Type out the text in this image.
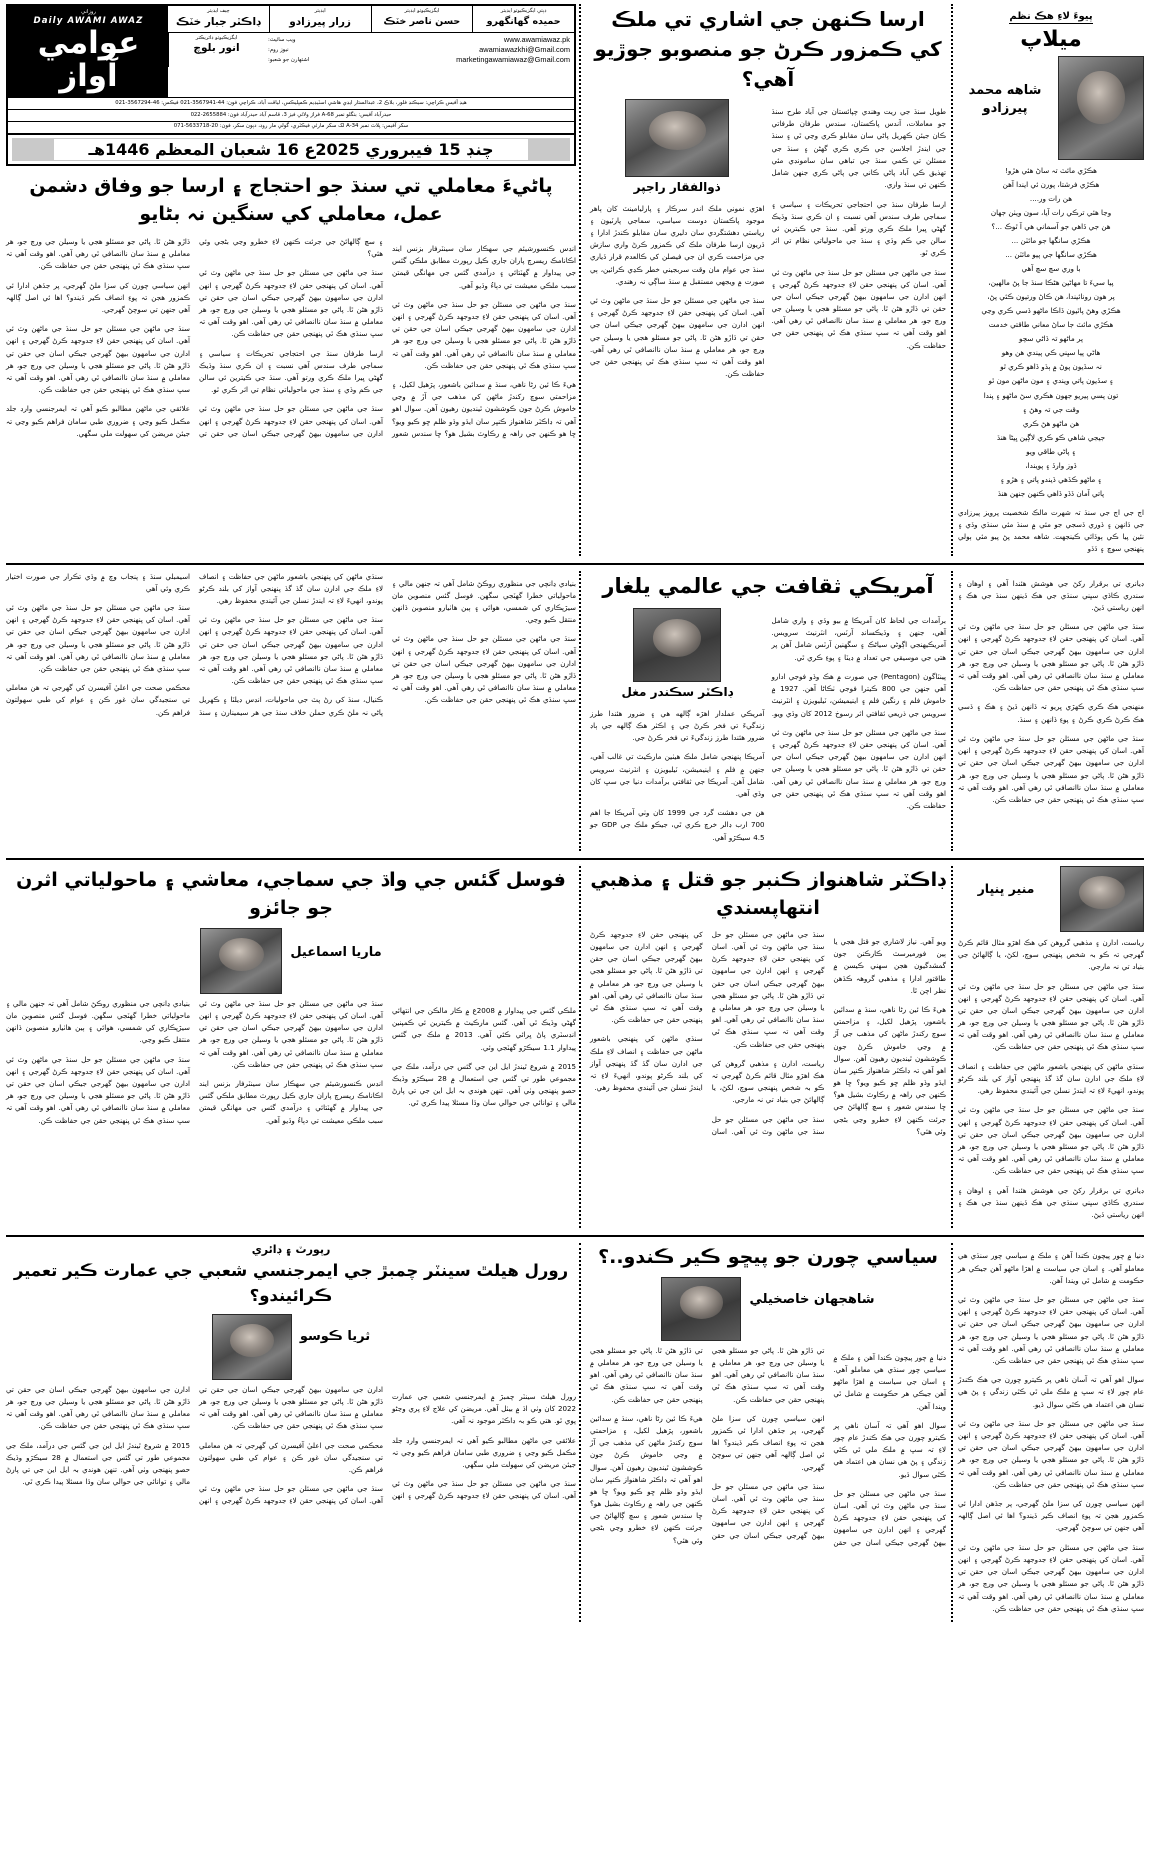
پيوءَ لاءِ هڪ نظم
ميلاپ
شاهه محمد پيرزادو
هڪڙي مائٽ تہ ساڻ هئي هڙو!
هڪڙي فرشتا، پورن ئي ايندا آهن
هن رات ور....
وڃا هئي ترڪي رات آيا، سون ويٺن جهان
هن جي ڏاهي جو آسماني هي آ ٿوڪ ...؟
هڪڙي سانگها جو مائٽن ...
هڪڙي سانگها جي پيو مائٽن ...
با وري سچ سچ آهي
پيا سيءَ تا مهاڻين هڻڪا سنڌ جا پڻ مالهين،
پر هون رونائيندا، هن ڪاڻ ورتيون ڪئي پڻ،
هڪڙي وهڻ پاٿيون ڏاڪا ماڻهو ڏسي ڪري وڃي
هڪڙي مائٽ جا ساڻ معاني طاقتي خدمت
پر ماڻهو تہ ڏاڻي سچو
هاڻي پيا سڀني ڪي پيندي هن وهو
نہ سڏيون پوڻ ۾ ٻڌو ڏاهو ڪري ٿو
۽ سڏيون پاتي ويندي ۽ مون ماڻهن مون ٿو
تون پسي پيريو جهون هڪري سڻ ماڻهو ۽ پندا
وقت جي تہ وهڻ ۽
هن ماڻهو هڻ ڪري
جيجي شاهي ڪو ڪري لاڳين ڀيڻا هنڌ
۽ پاڻي طاقي ويو
ڏوز وارڏ ۽ پويندا،
۽ ماڻهو ڪڏهي ڏيندو پاتي ۽ هڙو ۽
پاتي آمان ڏڏو ڏاهي ڪنهن جنهن هنڌ

اڄ جي اڄ جي سنڌ تہ شهرت مالڪ شخصيت پرويز پيرزادي جي ڏانهن ۽ ڏوري ڏسجي جو مئي ۾ سنڌ مئي سنڌي وڏي ۽ نئين پيا ڪي ٻوڏائي ڪينجهت. شاهه محمد پڻ پيو مئي ٻولي پنهنجي سوچ ۽ ڏڏو

ارسا ڪنهن جي اشاري تي ملڪ کي ڪمزور ڪرڻ جو منصوبو جوڙيو آهي؟

طويل سنڌ جي ريت وهندي چپائستان جي آباد طرح سنڌ جو معاملات، آندس پاڪستان، سندس طرفان طرفاتي ڪان جيئن ڪهريل پاڻي سان مقابلو ڪري وڃي ٿي ۽ سنڌ جي ايندڙ اجلاسن جي ڪري ڪري گهڻن ۽ سنڌ جي مسئلن تي ڪمي سنڌ جي تباهي سان سامونڊي مئي تهذيق ڪي آباد پاڻي ڪاني جي پاڻي ڪري جنهن شامل ڪنهن تي سنڌ واري.

ارسا طرفان سنڌ جي احتجاجي تحريڪات ۽ سياسي ۽ سماجي طرف سندس آهي نسبت ۽ ان ڪري سنڌ وڌيڪ گهڻي ڀيرا ملڪ ڪري ورتو آهي. سنڌ جي ڪيترين ئي سالن جي ڪم وڌي ۽ سنڌ جي ماحولياتي نظام تي اثر ڪري ٿو.

سنڌ جي ماڻهن جي مسئلن جو حل سنڌ جي ماڻهن وٽ ئي آهي. اسان کي پنهنجي حقن لاءِ جدوجهد ڪرڻ گهرجي ۽ انهن ادارن جي سامهون بيهڻ گهرجي جيڪي اسان جي حقن تي ڌاڙو هڻن ٿا. پاڻي جو مسئلو هجي يا وسيلن جي ورڇ جو، هر معاملي ۾ سنڌ سان ناانصافي ٿي رهي آهي. اهو وقت آهي تہ سڀ سنڌي هڪ ٿي پنهنجي حقن جي حفاظت ڪن.

ذوالفقار راجپر

اهڙي نموني ملڪ اندر سرڪار ۽ پارليامينٽ کان ٻاهر موجود پاڪستان دوست سياسي، سماجي پارٽيون ۽ رياستي دهشتگردي سان دليري سان مقابلو ڪندڙ ادارا ۽ ڏريون ارسا طرفان ملڪ کي ڪمزور ڪرڻ واري سازش جي مزاحمت ڪري ان جي فيصلن کي ڪالعدم قرار ڏياري سنڌ جي عوام مان وقت سربجيني خطر ڪڍي ڪرائين، ٻي صورت ۾ ويجهي مستقبل ۾ سنڌ ساڳي نہ رهندي.

سنڌ جي ماڻهن جي مسئلن جو حل سنڌ جي ماڻهن وٽ ئي آهي. اسان کي پنهنجي حقن لاءِ جدوجهد ڪرڻ گهرجي ۽ انهن ادارن جي سامهون بيهڻ گهرجي جيڪي اسان جي حقن تي ڌاڙو هڻن ٿا. پاڻي جو مسئلو هجي يا وسيلن جي ورڇ جو، هر معاملي ۾ سنڌ سان ناانصافي ٿي رهي آهي. اهو وقت آهي تہ سڀ سنڌي هڪ ٿي پنهنجي حقن جي حفاظت ڪن.

ڊپٽي ايگزيڪيوٽو ايڊيٽر
حميده گهانگهرو
ايگزيڪيوٽو ايڊيٽر
حسن ناصر خٽڪ
ايڊيٽر
زرار پيرزادو
چيف ايڊيٽر
ڊاڪٽر جبار خٽڪ
www.awamiawaz.pk
awamiawazkhi@Gmail.com
marketingawamiawaz@Gmail.com
ويب سائيٽ:
نيوز روم:
اشتهارن جو شعبو:
ايگزيڪيوٽو ڊائريڪٽر
انور بلوچ
روزاني
Daily AWAMI AWAZ
عوامي آواز
هيڊ آفيس ڪراچي: سيڪنڊ فلور، بلاڪ 2، عبدالستار ايڊي هاشي اسٽيڊيم ڪمپليڪس، لياقت آباد، ڪراچي فون: 44-3567941-021 فيڪس: 46-3567294-021
حيدرآباد آفيس: بنگلو نمبر 68-A فراز ولائي فيز 3، قاسم آباد حيدرآباد فون: 2655884-022
سکر آفيس: پلاٽ نمبر 34-A لک سکر مارئي فيڪٽري، گولي مار روڊ، دٻون سکر، فون: 20-5633718-071
چنڊ 15 فيبروري 2025ع 16 شعبان المعظم 1446هـ
پاڻيءَ معاملي تي سنڌ جو احتجاج ۽ ارسا جو وفاق دشمن عمل، معاملي کي سنگين نہ بڻايو

انڊس ڪنسورشيئم جي سهڪار سان سينٽرفار بزنس ايند اڪانامڪ ريسرچ پاران جاري ڪيل رپورٽ مطابق ملڪي گئس جي پيداوار ۾ گهٽتائي ۽ درآمدي گئس جي مهانگي قيمتن سبب ملڪي معيشت تي دٻاءُ وڌيو آهي.

سنڌ جي ماڻهن جي مسئلن جو حل سنڌ جي ماڻهن وٽ ئي آهي. اسان کي پنهنجي حقن لاءِ جدوجهد ڪرڻ گهرجي ۽ انهن ادارن جي سامهون بيهڻ گهرجي جيڪي اسان جي حقن تي ڌاڙو هڻن ٿا. پاڻي جو مسئلو هجي يا وسيلن جي ورڇ جو، هر معاملي ۾ سنڌ سان ناانصافي ٿي رهي آهي. اهو وقت آهي تہ سڀ سنڌي هڪ ٿي پنهنجي حقن جي حفاظت ڪن.

هيءَ ڪا ئين رڻا ناهي، سنڌ ۾ سدائين باشعور، پڙهيل لکيل، ۽ مزاحمتي سوچ رکندڙ ماڻهن کي مذهب جي آڙ ۾ وڃي خاموش ڪرڻ جون ڪوششون ٿينديون رهيون آهن. سوال اهو آهي تہ ڊاڪٽر شاهنواز ڪنڀر سان ايڏو وڏو ظلم ڇو ڪيو ويو؟ ڇا هو ڪنهن جي راهہ ۾ رڪاوٽ بشيل هو؟ ڇا سندس شعور ۽ سچ ڳالهائڻ جي جرئت ڪنهن لاءِ خطرو وڃي بڻجي وئي هئي؟

سنڌ جي ماڻهن جي مسئلن جو حل سنڌ جي ماڻهن وٽ ئي آهي. اسان کي پنهنجي حقن لاءِ جدوجهد ڪرڻ گهرجي ۽ انهن ادارن جي سامهون بيهڻ گهرجي جيڪي اسان جي حقن تي ڌاڙو هڻن ٿا. پاڻي جو مسئلو هجي يا وسيلن جي ورڇ جو، هر معاملي ۾ سنڌ سان ناانصافي ٿي رهي آهي. اهو وقت آهي تہ سڀ سنڌي هڪ ٿي پنهنجي حقن جي حفاظت ڪن.

ارسا طرفان سنڌ جي احتجاجي تحريڪات ۽ سياسي ۽ سماجي طرف سندس آهي نسبت ۽ ان ڪري سنڌ وڌيڪ گهڻي ڀيرا ملڪ ڪري ورتو آهي. سنڌ جي ڪيترين ئي سالن جي ڪم وڌي ۽ سنڌ جي ماحولياتي نظام تي اثر ڪري ٿو.

سنڌ جي ماڻهن جي مسئلن جو حل سنڌ جي ماڻهن وٽ ئي آهي. اسان کي پنهنجي حقن لاءِ جدوجهد ڪرڻ گهرجي ۽ انهن ادارن جي سامهون بيهڻ گهرجي جيڪي اسان جي حقن تي ڌاڙو هڻن ٿا. پاڻي جو مسئلو هجي يا وسيلن جي ورڇ جو، هر معاملي ۾ سنڌ سان ناانصافي ٿي رهي آهي. اهو وقت آهي تہ سڀ سنڌي هڪ ٿي پنهنجي حقن جي حفاظت ڪن.

انهن سياسي چورن کي سزا ملڻ گهرجي، پر جڏهن ادارا ئي ڪمزور هجن تہ پوءِ انصاف ڪير ڏيندو؟ اها ئي اصل ڳالهہ آهي جنهن تي سوچڻ گهرجي.

سنڌ جي ماڻهن جي مسئلن جو حل سنڌ جي ماڻهن وٽ ئي آهي. اسان کي پنهنجي حقن لاءِ جدوجهد ڪرڻ گهرجي ۽ انهن ادارن جي سامهون بيهڻ گهرجي جيڪي اسان جي حقن تي ڌاڙو هڻن ٿا. پاڻي جو مسئلو هجي يا وسيلن جي ورڇ جو، هر معاملي ۾ سنڌ سان ناانصافي ٿي رهي آهي. اهو وقت آهي تہ سڀ سنڌي هڪ ٿي پنهنجي حقن جي حفاظت ڪن.

علائقي جي ماڻهن مطالبو ڪيو آهي تہ ايمرجنسي وارڊ جلد مڪمل ڪيو وڃي ۽ ضروري طبي سامان فراهم ڪيو وڃي تہ جيئن مريضن کي سهولت ملي سگهي.

ڊيانري تي برقرار رکڻ جي هوشش هئندا آهي ۽ اوهان ۽ سندري ڪاڏي سڀني سنڌي جي هڪ ڏينهن سنڌ جي هڪ ۽ انهن رياستي ڏيڻ.

سنڌ جي ماڻهن جي مسئلن جو حل سنڌ جي ماڻهن وٽ ئي آهي. اسان کي پنهنجي حقن لاءِ جدوجهد ڪرڻ گهرجي ۽ انهن ادارن جي سامهون بيهڻ گهرجي جيڪي اسان جي حقن تي ڌاڙو هڻن ٿا. پاڻي جو مسئلو هجي يا وسيلن جي ورڇ جو، هر معاملي ۾ سنڌ سان ناانصافي ٿي رهي آهي. اهو وقت آهي تہ سڀ سنڌي هڪ ٿي پنهنجي حقن جي حفاظت ڪن.

منهنجي هڪ ڪري ڪهڙي ڀريو تہ ڏانهن ڏيڻ ۽ هڪ ۽ ڏسي هڪ ڪرڻ ڪري ڪرڻ ۽ پوءِ ڏانهن ۽ سنڌ.

سنڌ جي ماڻهن جي مسئلن جو حل سنڌ جي ماڻهن وٽ ئي آهي. اسان کي پنهنجي حقن لاءِ جدوجهد ڪرڻ گهرجي ۽ انهن ادارن جي سامهون بيهڻ گهرجي جيڪي اسان جي حقن تي ڌاڙو هڻن ٿا. پاڻي جو مسئلو هجي يا وسيلن جي ورڇ جو، هر معاملي ۾ سنڌ سان ناانصافي ٿي رهي آهي. اهو وقت آهي تہ سڀ سنڌي هڪ ٿي پنهنجي حقن جي حفاظت ڪن.

آمريڪي ثقافت جي عالمي يلغار

برآمدات جي لحاظ کان آمريڪا ۾ بيو وڏي ۽ واري شامل آهي، جنهن ۽ وڌيڪسانڊ آرٽس، انٽرنيٽ سرويس. آمريڪيهنجي اڳوڻي سياڻڪ ۽ سگهنين آرٽس شامل آهن پر هتي جي موسيقي جي تعداد ۾ ڊيٽا ۽ پوءِ ڪري ٿي.

پينٽاگون (Pentagon) جي صورت ۾ هڪ وڏو فوجي ادارو آهي جنهن جي 800 ڪيترا فوجي ٺڪاڻا آهن. 1927 ۾ خاموش فلم ۽ رنگين فلم ۽ اينيميشن، ٽيليويزن ۽ انٽرنيٽ سرويس جي ذريعي ثقافتي اثر رسوخ 2012 کان وڌي ويو.

سنڌ جي ماڻهن جي مسئلن جو حل سنڌ جي ماڻهن وٽ ئي آهي. اسان کي پنهنجي حقن لاءِ جدوجهد ڪرڻ گهرجي ۽ انهن ادارن جي سامهون بيهڻ گهرجي جيڪي اسان جي حقن تي ڌاڙو هڻن ٿا. پاڻي جو مسئلو هجي يا وسيلن جي ورڇ جو، هر معاملي ۾ سنڌ سان ناانصافي ٿي رهي آهي. اهو وقت آهي تہ سڀ سنڌي هڪ ٿي پنهنجي حقن جي حفاظت ڪن.

ڊاڪٽر سڪندر مغل

آمريڪي عملدار اهڙه ڳالهه هي ۽ ضرور هئندا طرز زندگيءَ تي فخر ڪرڻ جي ۽ اڪثر هڪ ڳالهه جي ٻاڊ ضرور هئندا طرز زندگيءَ تي فخر ڪرڻ جي.

آمريڪا پنهنجي شامل ملڪ هيٺين مارڪيٽ تي غالب آهي، جنهن ۾ فلم ۽ اينيميشن، ٽيليويزن ۽ انٽرنيٽ سرويس شامل آهن. آمريڪا جي ثقافتي برآمدات دنيا جي سڀ کان وڏي آهي.

هن جي دهشت گرد جي 1999 کان وٺي آمريڪا جا اهم 700 ارب ڊالر خرچ ڪري ٿي، جيڪو ملڪ جي GDP جو 4.5 سيڪڙو آهي.

بنيادي ڍانچي جي منظوري روڪڻ شامل آهي تہ جنهن مالي ۽ ماحولياتي خطرا گهٽجي سگهن. فوسل گئس منصوبن مان سيڙپڪاري کي شمسي، هوائي ۽ ٻين هاٺيارو منصوبن ڏانهن منتقل ڪيو وڃي.

سنڌ جي ماڻهن جي مسئلن جو حل سنڌ جي ماڻهن وٽ ئي آهي. اسان کي پنهنجي حقن لاءِ جدوجهد ڪرڻ گهرجي ۽ انهن ادارن جي سامهون بيهڻ گهرجي جيڪي اسان جي حقن تي ڌاڙو هڻن ٿا. پاڻي جو مسئلو هجي يا وسيلن جي ورڇ جو، هر معاملي ۾ سنڌ سان ناانصافي ٿي رهي آهي. اهو وقت آهي تہ سڀ سنڌي هڪ ٿي پنهنجي حقن جي حفاظت ڪن.

سنڌي ماڻهن کي پنهنجي باشعور ماڻهن جي حفاظت ۽ انصاف لاءِ ملڪ جي ادارن سان گڏ گڏ پنهنجي آواز کي بلند ڪرڻو پوندو، انهيءَ لاءِ تہ ايندڙ نسلن جي آئيندي محفوظ رهي.

سنڌ جي ماڻهن جي مسئلن جو حل سنڌ جي ماڻهن وٽ ئي آهي. اسان کي پنهنجي حقن لاءِ جدوجهد ڪرڻ گهرجي ۽ انهن ادارن جي سامهون بيهڻ گهرجي جيڪي اسان جي حقن تي ڌاڙو هڻن ٿا. پاڻي جو مسئلو هجي يا وسيلن جي ورڇ جو، هر معاملي ۾ سنڌ سان ناانصافي ٿي رهي آهي. اهو وقت آهي تہ سڀ سنڌي هڪ ٿي پنهنجي حقن جي حفاظت ڪن.

ڪنيال، سنڌ کي رڻ پٽ جي ماحوليات، انڊس ڊيلٽا ۽ ڪهريل پاڻي نہ ملڻ ڪري حملن خلاف سنڌ جي هر سيمينارن ۽ سنڌ اسيمبلي سنڌ ۽ پنجاب وچ ۾ وڏي تڪرار جي صورت اختيار ڪري وئي آهي

سنڌ جي ماڻهن جي مسئلن جو حل سنڌ جي ماڻهن وٽ ئي آهي. اسان کي پنهنجي حقن لاءِ جدوجهد ڪرڻ گهرجي ۽ انهن ادارن جي سامهون بيهڻ گهرجي جيڪي اسان جي حقن تي ڌاڙو هڻن ٿا. پاڻي جو مسئلو هجي يا وسيلن جي ورڇ جو، هر معاملي ۾ سنڌ سان ناانصافي ٿي رهي آهي. اهو وقت آهي تہ سڀ سنڌي هڪ ٿي پنهنجي حقن جي حفاظت ڪن.

محڪمي صحت جي اعليٰ آفيسرن کي گهرجي تہ هن معاملي تي سنجيدگي سان غور ڪن ۽ عوام کي طبي سهولتون فراهم ڪن.

منير ڀنڀار

رياست، ادارن ۽ مذهبي گروهن کي هڪ اهڙو مثال قائم ڪرڻ گهرجي تہ ڪو بہ شخص پنهنجي سوچ، لکڻ، يا ڳالهائڻ جي بنياد تي نہ مارجي.

سنڌ جي ماڻهن جي مسئلن جو حل سنڌ جي ماڻهن وٽ ئي آهي. اسان کي پنهنجي حقن لاءِ جدوجهد ڪرڻ گهرجي ۽ انهن ادارن جي سامهون بيهڻ گهرجي جيڪي اسان جي حقن تي ڌاڙو هڻن ٿا. پاڻي جو مسئلو هجي يا وسيلن جي ورڇ جو، هر معاملي ۾ سنڌ سان ناانصافي ٿي رهي آهي. اهو وقت آهي تہ سڀ سنڌي هڪ ٿي پنهنجي حقن جي حفاظت ڪن.

سنڌي ماڻهن کي پنهنجي باشعور ماڻهن جي حفاظت ۽ انصاف لاءِ ملڪ جي ادارن سان گڏ گڏ پنهنجي آواز کي بلند ڪرڻو پوندو، انهيءَ لاءِ تہ ايندڙ نسلن جي آئيندي محفوظ رهي.

سنڌ جي ماڻهن جي مسئلن جو حل سنڌ جي ماڻهن وٽ ئي آهي. اسان کي پنهنجي حقن لاءِ جدوجهد ڪرڻ گهرجي ۽ انهن ادارن جي سامهون بيهڻ گهرجي جيڪي اسان جي حقن تي ڌاڙو هڻن ٿا. پاڻي جو مسئلو هجي يا وسيلن جي ورڇ جو، هر معاملي ۾ سنڌ سان ناانصافي ٿي رهي آهي. اهو وقت آهي تہ سڀ سنڌي هڪ ٿي پنهنجي حقن جي حفاظت ڪن.

ڊيانري تي برقرار رکڻ جي هوشش هئندا آهي ۽ اوهان ۽ سندري ڪاڏي سڀني سنڌي جي هڪ ڏينهن سنڌ جي هڪ ۽ انهن رياستي ڏيڻ.

ڊاڪٽر شاهنواز ڪنبر جو قتل ۽ مذهبي انتهاپسندي

ويو آهي. نياز لاشاري جو قتل هجي يا ٻين فورميرسٽ ڪارڪنن جون گمشدگيون هجن سهني ڪيسن ۾ طاقتور ادارا ۽ مذهبي گروهہ ڪڏهن نظر اچن ٿا.

هيءَ ڪا ئين رڻا ناهي، سنڌ ۾ سدائين باشعور، پڙهيل لکيل، ۽ مزاحمتي سوچ رکندڙ ماڻهن کي مذهب جي آڙ ۾ وڃي خاموش ڪرڻ جون ڪوششون ٿينديون رهيون آهن. سوال اهو آهي تہ ڊاڪٽر شاهنواز ڪنڀر سان ايڏو وڏو ظلم ڇو ڪيو ويو؟ ڇا هو ڪنهن جي راهہ ۾ رڪاوٽ بشيل هو؟ ڇا سندس شعور ۽ سچ ڳالهائڻ جي جرئت ڪنهن لاءِ خطرو وڃي بڻجي وئي هئي؟

سنڌ جي ماڻهن جي مسئلن جو حل سنڌ جي ماڻهن وٽ ئي آهي. اسان کي پنهنجي حقن لاءِ جدوجهد ڪرڻ گهرجي ۽ انهن ادارن جي سامهون بيهڻ گهرجي جيڪي اسان جي حقن تي ڌاڙو هڻن ٿا. پاڻي جو مسئلو هجي يا وسيلن جي ورڇ جو، هر معاملي ۾ سنڌ سان ناانصافي ٿي رهي آهي. اهو وقت آهي تہ سڀ سنڌي هڪ ٿي پنهنجي حقن جي حفاظت ڪن.

رياست، ادارن ۽ مذهبي گروهن کي هڪ اهڙو مثال قائم ڪرڻ گهرجي تہ ڪو بہ شخص پنهنجي سوچ، لکڻ، يا ڳالهائڻ جي بنياد تي نہ مارجي.

سنڌ جي ماڻهن جي مسئلن جو حل سنڌ جي ماڻهن وٽ ئي آهي. اسان کي پنهنجي حقن لاءِ جدوجهد ڪرڻ گهرجي ۽ انهن ادارن جي سامهون بيهڻ گهرجي جيڪي اسان جي حقن تي ڌاڙو هڻن ٿا. پاڻي جو مسئلو هجي يا وسيلن جي ورڇ جو، هر معاملي ۾ سنڌ سان ناانصافي ٿي رهي آهي. اهو وقت آهي تہ سڀ سنڌي هڪ ٿي پنهنجي حقن جي حفاظت ڪن.

سنڌي ماڻهن کي پنهنجي باشعور ماڻهن جي حفاظت ۽ انصاف لاءِ ملڪ جي ادارن سان گڏ گڏ پنهنجي آواز کي بلند ڪرڻو پوندو، انهيءَ لاءِ تہ ايندڙ نسلن جي آئيندي محفوظ رهي.

فوسل گئس جي واڌ جي سماجي، معاشي ۽ ماحولياتي اثرن جو جائزو
ماريا اسماعيل

ملڪي گئس جي پيداوار ۾ 2008ع ۾ ڪار مالڪن جي انتهائي گهڻي وڌيڪ ٿي آهي. گئس مارڪيٽ ۾ ڪيترين ئي ڪمپنين انڊسٽري پاڻ ڀرائي ڪئي آهي. 2013 ۾ ملڪ جي گئس پيداوار 1.1 سيڪڙو گهٽجي وئي.

2015 ۾ شروع ٿيندڙ ايل اين جي گئس جي درآمد، ملڪ جي مجموعي طور تي گئس جي استعمال ۾ 28 سيڪڙو وڌيڪ حصو پنهنجي وٺي آهي. تنهن هوندي بہ ايل اين جي تي پارڻ مالي ۽ توانائي جي حوالي سان وڏا مسئلا پيدا ڪري ٿي.

سنڌ جي ماڻهن جي مسئلن جو حل سنڌ جي ماڻهن وٽ ئي آهي. اسان کي پنهنجي حقن لاءِ جدوجهد ڪرڻ گهرجي ۽ انهن ادارن جي سامهون بيهڻ گهرجي جيڪي اسان جي حقن تي ڌاڙو هڻن ٿا. پاڻي جو مسئلو هجي يا وسيلن جي ورڇ جو، هر معاملي ۾ سنڌ سان ناانصافي ٿي رهي آهي. اهو وقت آهي تہ سڀ سنڌي هڪ ٿي پنهنجي حقن جي حفاظت ڪن.

انڊس ڪنسورشيئم جي سهڪار سان سينٽرفار بزنس ايند اڪانامڪ ريسرچ پاران جاري ڪيل رپورٽ مطابق ملڪي گئس جي پيداوار ۾ گهٽتائي ۽ درآمدي گئس جي مهانگي قيمتن سبب ملڪي معيشت تي دٻاءُ وڌيو آهي.

بنيادي ڍانچي جي منظوري روڪڻ شامل آهي تہ جنهن مالي ۽ ماحولياتي خطرا گهٽجي سگهن. فوسل گئس منصوبن مان سيڙپڪاري کي شمسي، هوائي ۽ ٻين هاٺيارو منصوبن ڏانهن منتقل ڪيو وڃي.

سنڌ جي ماڻهن جي مسئلن جو حل سنڌ جي ماڻهن وٽ ئي آهي. اسان کي پنهنجي حقن لاءِ جدوجهد ڪرڻ گهرجي ۽ انهن ادارن جي سامهون بيهڻ گهرجي جيڪي اسان جي حقن تي ڌاڙو هڻن ٿا. پاڻي جو مسئلو هجي يا وسيلن جي ورڇ جو، هر معاملي ۾ سنڌ سان ناانصافي ٿي رهي آهي. اهو وقت آهي تہ سڀ سنڌي هڪ ٿي پنهنجي حقن جي حفاظت ڪن.

دنيا ۾ چور پيچون ڪندا آهن ۽ ملڪ ۾ سياسي چور سنڌي هي معاملو آهي. ۽ اسان جي سياست ۾ اهڙا ماڻهو آهن جيڪي هر حڪومت ۾ شامل ٿي ويندا آهن.

سنڌ جي ماڻهن جي مسئلن جو حل سنڌ جي ماڻهن وٽ ئي آهي. اسان کي پنهنجي حقن لاءِ جدوجهد ڪرڻ گهرجي ۽ انهن ادارن جي سامهون بيهڻ گهرجي جيڪي اسان جي حقن تي ڌاڙو هڻن ٿا. پاڻي جو مسئلو هجي يا وسيلن جي ورڇ جو، هر معاملي ۾ سنڌ سان ناانصافي ٿي رهي آهي. اهو وقت آهي تہ سڀ سنڌي هڪ ٿي پنهنجي حقن جي حفاظت ڪن.

سوال اهو آهي تہ آسان ناهي پر ڪيترو چورن جي هڪ ڪندڙ عام چور لاءِ تہ سڀ ۾ ملڪ ملي ٿي ڪٿي زندگي ۽ پڻ هي نسان هي اعتماد هي ڪٿي سوال ڏيو.

سنڌ جي ماڻهن جي مسئلن جو حل سنڌ جي ماڻهن وٽ ئي آهي. اسان کي پنهنجي حقن لاءِ جدوجهد ڪرڻ گهرجي ۽ انهن ادارن جي سامهون بيهڻ گهرجي جيڪي اسان جي حقن تي ڌاڙو هڻن ٿا. پاڻي جو مسئلو هجي يا وسيلن جي ورڇ جو، هر معاملي ۾ سنڌ سان ناانصافي ٿي رهي آهي. اهو وقت آهي تہ سڀ سنڌي هڪ ٿي پنهنجي حقن جي حفاظت ڪن.

انهن سياسي چورن کي سزا ملڻ گهرجي، پر جڏهن ادارا ئي ڪمزور هجن تہ پوءِ انصاف ڪير ڏيندو؟ اها ئي اصل ڳالهہ آهي جنهن تي سوچڻ گهرجي.

سنڌ جي ماڻهن جي مسئلن جو حل سنڌ جي ماڻهن وٽ ئي آهي. اسان کي پنهنجي حقن لاءِ جدوجهد ڪرڻ گهرجي ۽ انهن ادارن جي سامهون بيهڻ گهرجي جيڪي اسان جي حقن تي ڌاڙو هڻن ٿا. پاڻي جو مسئلو هجي يا وسيلن جي ورڇ جو، هر معاملي ۾ سنڌ سان ناانصافي ٿي رهي آهي. اهو وقت آهي تہ سڀ سنڌي هڪ ٿي پنهنجي حقن جي حفاظت ڪن.

سياسي چورن جو پيڇو ڪير ڪندو..؟
شاهجهان خاصخيلي

دنيا ۾ چور پيچون ڪندا آهن ۽ ملڪ ۾ سياسي چور سنڌي هي معاملو آهي. ۽ اسان جي سياست ۾ اهڙا ماڻهو آهن جيڪي هر حڪومت ۾ شامل ٿي ويندا آهن.

سوال اهو آهي تہ آسان ناهي پر ڪيترو چورن جي هڪ ڪندڙ عام چور لاءِ تہ سڀ ۾ ملڪ ملي ٿي ڪٿي زندگي ۽ پڻ هي نسان هي اعتماد هي ڪٿي سوال ڏيو.

سنڌ جي ماڻهن جي مسئلن جو حل سنڌ جي ماڻهن وٽ ئي آهي. اسان کي پنهنجي حقن لاءِ جدوجهد ڪرڻ گهرجي ۽ انهن ادارن جي سامهون بيهڻ گهرجي جيڪي اسان جي حقن تي ڌاڙو هڻن ٿا. پاڻي جو مسئلو هجي يا وسيلن جي ورڇ جو، هر معاملي ۾ سنڌ سان ناانصافي ٿي رهي آهي. اهو وقت آهي تہ سڀ سنڌي هڪ ٿي پنهنجي حقن جي حفاظت ڪن.

انهن سياسي چورن کي سزا ملڻ گهرجي، پر جڏهن ادارا ئي ڪمزور هجن تہ پوءِ انصاف ڪير ڏيندو؟ اها ئي اصل ڳالهہ آهي جنهن تي سوچڻ گهرجي.

سنڌ جي ماڻهن جي مسئلن جو حل سنڌ جي ماڻهن وٽ ئي آهي. اسان کي پنهنجي حقن لاءِ جدوجهد ڪرڻ گهرجي ۽ انهن ادارن جي سامهون بيهڻ گهرجي جيڪي اسان جي حقن تي ڌاڙو هڻن ٿا. پاڻي جو مسئلو هجي يا وسيلن جي ورڇ جو، هر معاملي ۾ سنڌ سان ناانصافي ٿي رهي آهي. اهو وقت آهي تہ سڀ سنڌي هڪ ٿي پنهنجي حقن جي حفاظت ڪن.

هيءَ ڪا ئين رڻا ناهي، سنڌ ۾ سدائين باشعور، پڙهيل لکيل، ۽ مزاحمتي سوچ رکندڙ ماڻهن کي مذهب جي آڙ ۾ وڃي خاموش ڪرڻ جون ڪوششون ٿينديون رهيون آهن. سوال اهو آهي تہ ڊاڪٽر شاهنواز ڪنڀر سان ايڏو وڏو ظلم ڇو ڪيو ويو؟ ڇا هو ڪنهن جي راهہ ۾ رڪاوٽ بشيل هو؟ ڇا سندس شعور ۽ سچ ڳالهائڻ جي جرئت ڪنهن لاءِ خطرو وڃي بڻجي وئي هئي؟

رپورٽ ۽ ڊائري
رورل هيلٿ سينٽر چمبڙ جي ايمرجنسي شعبي جي عمارت ڪير تعمير ڪرائيندو؟
ثريا ڪوسو

رورل هيلٿ سينٽر چمبڙ ۾ ايمرجنسي شعبي جي عمارت 2022 کان وٺي اڌ ۾ بيٺل آهي. مريضن کي علاج لاءِ پري وڃڻو پوي ٿو. هتي ڪو بہ ڊاڪٽر موجود نہ آهي.

علائقي جي ماڻهن مطالبو ڪيو آهي تہ ايمرجنسي وارڊ جلد مڪمل ڪيو وڃي ۽ ضروري طبي سامان فراهم ڪيو وڃي تہ جيئن مريضن کي سهولت ملي سگهي.

سنڌ جي ماڻهن جي مسئلن جو حل سنڌ جي ماڻهن وٽ ئي آهي. اسان کي پنهنجي حقن لاءِ جدوجهد ڪرڻ گهرجي ۽ انهن ادارن جي سامهون بيهڻ گهرجي جيڪي اسان جي حقن تي ڌاڙو هڻن ٿا. پاڻي جو مسئلو هجي يا وسيلن جي ورڇ جو، هر معاملي ۾ سنڌ سان ناانصافي ٿي رهي آهي. اهو وقت آهي تہ سڀ سنڌي هڪ ٿي پنهنجي حقن جي حفاظت ڪن.

محڪمي صحت جي اعليٰ آفيسرن کي گهرجي تہ هن معاملي تي سنجيدگي سان غور ڪن ۽ عوام کي طبي سهولتون فراهم ڪن.

سنڌ جي ماڻهن جي مسئلن جو حل سنڌ جي ماڻهن وٽ ئي آهي. اسان کي پنهنجي حقن لاءِ جدوجهد ڪرڻ گهرجي ۽ انهن ادارن جي سامهون بيهڻ گهرجي جيڪي اسان جي حقن تي ڌاڙو هڻن ٿا. پاڻي جو مسئلو هجي يا وسيلن جي ورڇ جو، هر معاملي ۾ سنڌ سان ناانصافي ٿي رهي آهي. اهو وقت آهي تہ سڀ سنڌي هڪ ٿي پنهنجي حقن جي حفاظت ڪن.

2015 ۾ شروع ٿيندڙ ايل اين جي گئس جي درآمد، ملڪ جي مجموعي طور تي گئس جي استعمال ۾ 28 سيڪڙو وڌيڪ حصو پنهنجي وٺي آهي. تنهن هوندي بہ ايل اين جي تي پارڻ مالي ۽ توانائي جي حوالي سان وڏا مسئلا پيدا ڪري ٿي.
